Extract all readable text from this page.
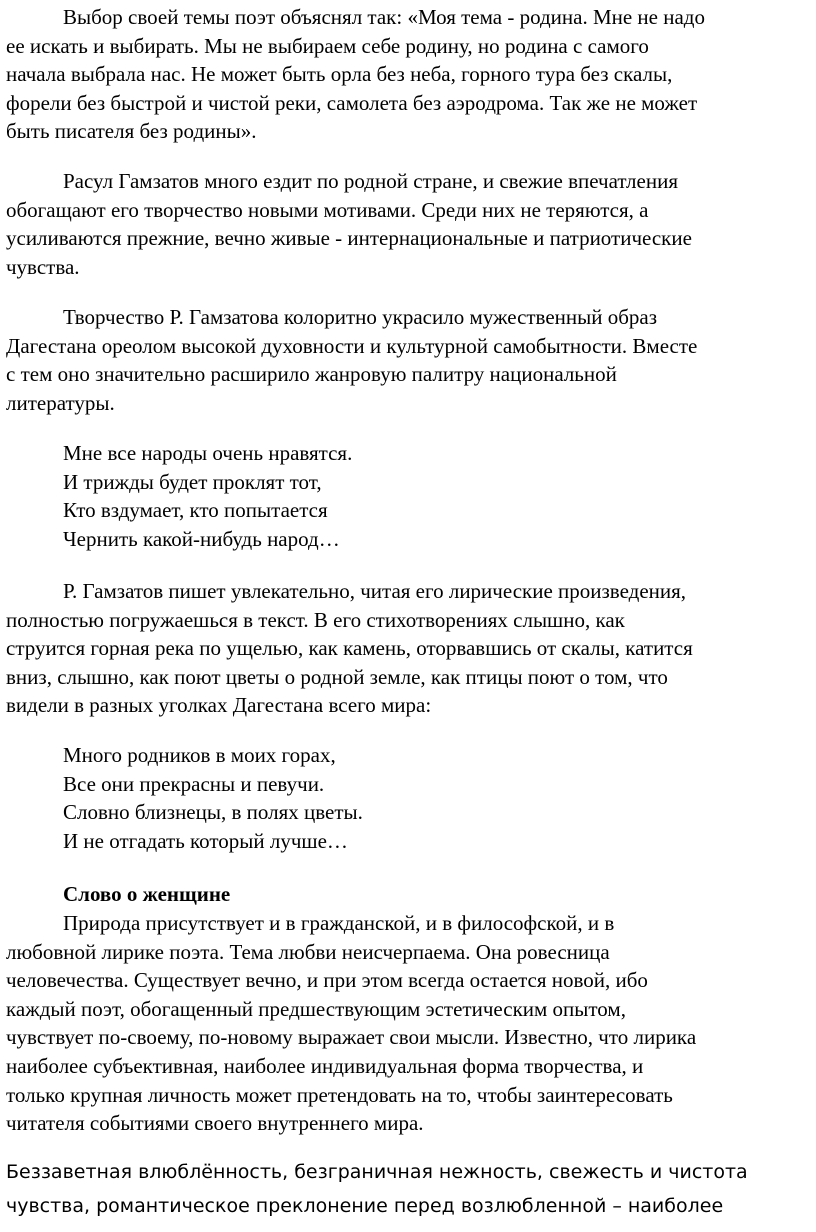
Выбор своей темы поэт объяснял так: «Моя тема - родина. Мне не надо
ее искать и выбирать. Мы не выбираем себе родину, но родина с самого
начала выбрала нас. Не может быть орла без неба, горного тура без скалы,
форели без быстрой и чистой реки, самолета без аэродрома. Так же не может
быть писателя без родины».
Расул Гамзатов много ездит по родной стране, и свежие впечатления
обогащают его творчество новыми мотивами. Среди них не теряются, а
усиливаются прежние, вечно живые - интернациональные и патриотические
чувства.
Творчество Р. Гамзатова колоритно украсило мужественный образ
Дагестана ореолом высокой духовности и культурной самобытности. Вместе
с тем оно значительно расширило жанровую палитру национальной
литературы.
Мне все народы очень нравятся.
И трижды будет проклят тот,
Кто вздумает, кто попытается
Чернить какой-нибудь народ…
Р. Гамзатов пишет увлекательно, читая его лирические произведения,
полностью погружаешься в текст. В его стихотворениях слышно, как
струится горная река по ущелью, как камень, оторвавшись от скалы, катится
вниз, слышно, как поют цветы о родной земле, как птицы поют о том, что
видели в разных уголках Дагестана всего мира:
Много родников в моих горах,
Все они прекрасны и певучи.
Словно близнецы, в полях цветы.
И не отгадать который лучше…
Слово о женщине
Природа присутствует и в гражданской, и в философской, и в
любовной лирике поэта. Тема любви неисчерпаема. Она ровесница
человечества. Существует вечно, и при этом всегда остается новой, ибо
каждый поэт, обогащенный предшествующим эстетическим опытом,
чувствует по-своему, по-новому выражает свои мысли. Известно, что лирика
наиболее субъективная, наиболее индивидуальная форма творчества, и
только крупная личность может претендовать на то, чтобы заинтересовать
читателя событиями своего внутреннего мира.
Беззаветная влюблённость, безграничная нежность, свежесть и чистота
чувства, романтическое преклонение перед возлюбленной – наиболее
